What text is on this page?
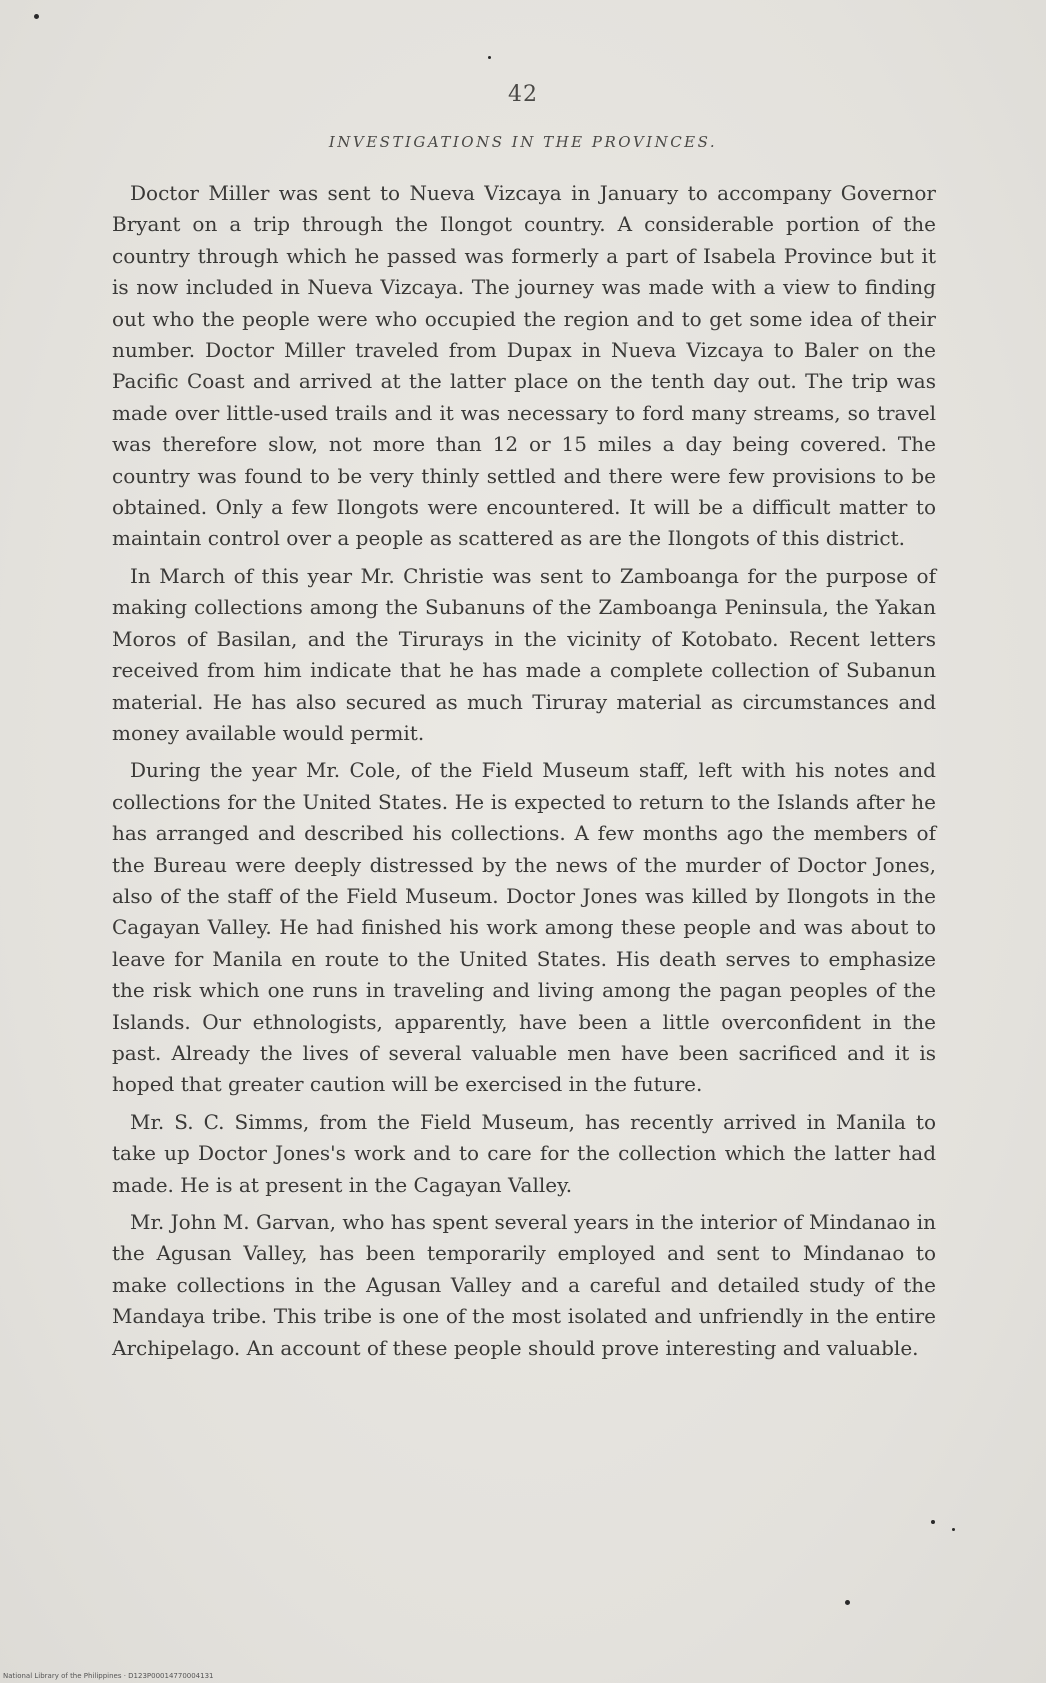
42
INVESTIGATIONS IN THE PROVINCES.

Doctor Miller was sent to Nueva Vizcaya in January to accompany Governor Bryant on a trip through the Ilongot country. A considerable portion of the country through which he passed was formerly a part of Isabela Province but it is now included in Nueva Vizcaya. The journey was made with a view to finding out who the people were who occupied the region and to get some idea of their number. Doctor Miller traveled from Dupax in Nueva Vizcaya to Baler on the Pacific Coast and arrived at the latter place on the tenth day out. The trip was made over little-used trails and it was necessary to ford many streams, so travel was therefore slow, not more than 12 or 15 miles a day being covered. The country was found to be very thinly settled and there were few provisions to be obtained. Only a few Ilongots were encountered. It will be a difficult matter to maintain control over a people as scattered as are the Ilongots of this district.

In March of this year Mr. Christie was sent to Zamboanga for the purpose of making collections among the Subanuns of the Zamboanga Peninsula, the Yakan Moros of Basilan, and the Tirurays in the vicinity of Kotobato. Recent letters received from him indicate that he has made a complete collection of Subanun material. He has also secured as much Tiruray material as circumstances and money available would permit.

During the year Mr. Cole, of the Field Museum staff, left with his notes and collections for the United States. He is expected to return to the Islands after he has arranged and described his collections. A few months ago the members of the Bureau were deeply distressed by the news of the murder of Doctor Jones, also of the staff of the Field Museum. Doctor Jones was killed by Ilongots in the Cagayan Valley. He had finished his work among these people and was about to leave for Manila en route to the United States. His death serves to emphasize the risk which one runs in traveling and living among the pagan peoples of the Islands. Our ethnologists, apparently, have been a little overconfident in the past. Already the lives of several valuable men have been sacrificed and it is hoped that greater caution will be exercised in the future.

Mr. S. C. Simms, from the Field Museum, has recently arrived in Manila to take up Doctor Jones's work and to care for the collection which the latter had made. He is at present in the Cagayan Valley.

Mr. John M. Garvan, who has spent several years in the interior of Mindanao in the Agusan Valley, has been temporarily employed and sent to Mindanao to make collections in the Agusan Valley and a careful and detailed study of the Mandaya tribe. This tribe is one of the most isolated and unfriendly in the entire Archipelago. An account of these people should prove interesting and valuable.

National Library of the Philippines · D123P00014770004131
